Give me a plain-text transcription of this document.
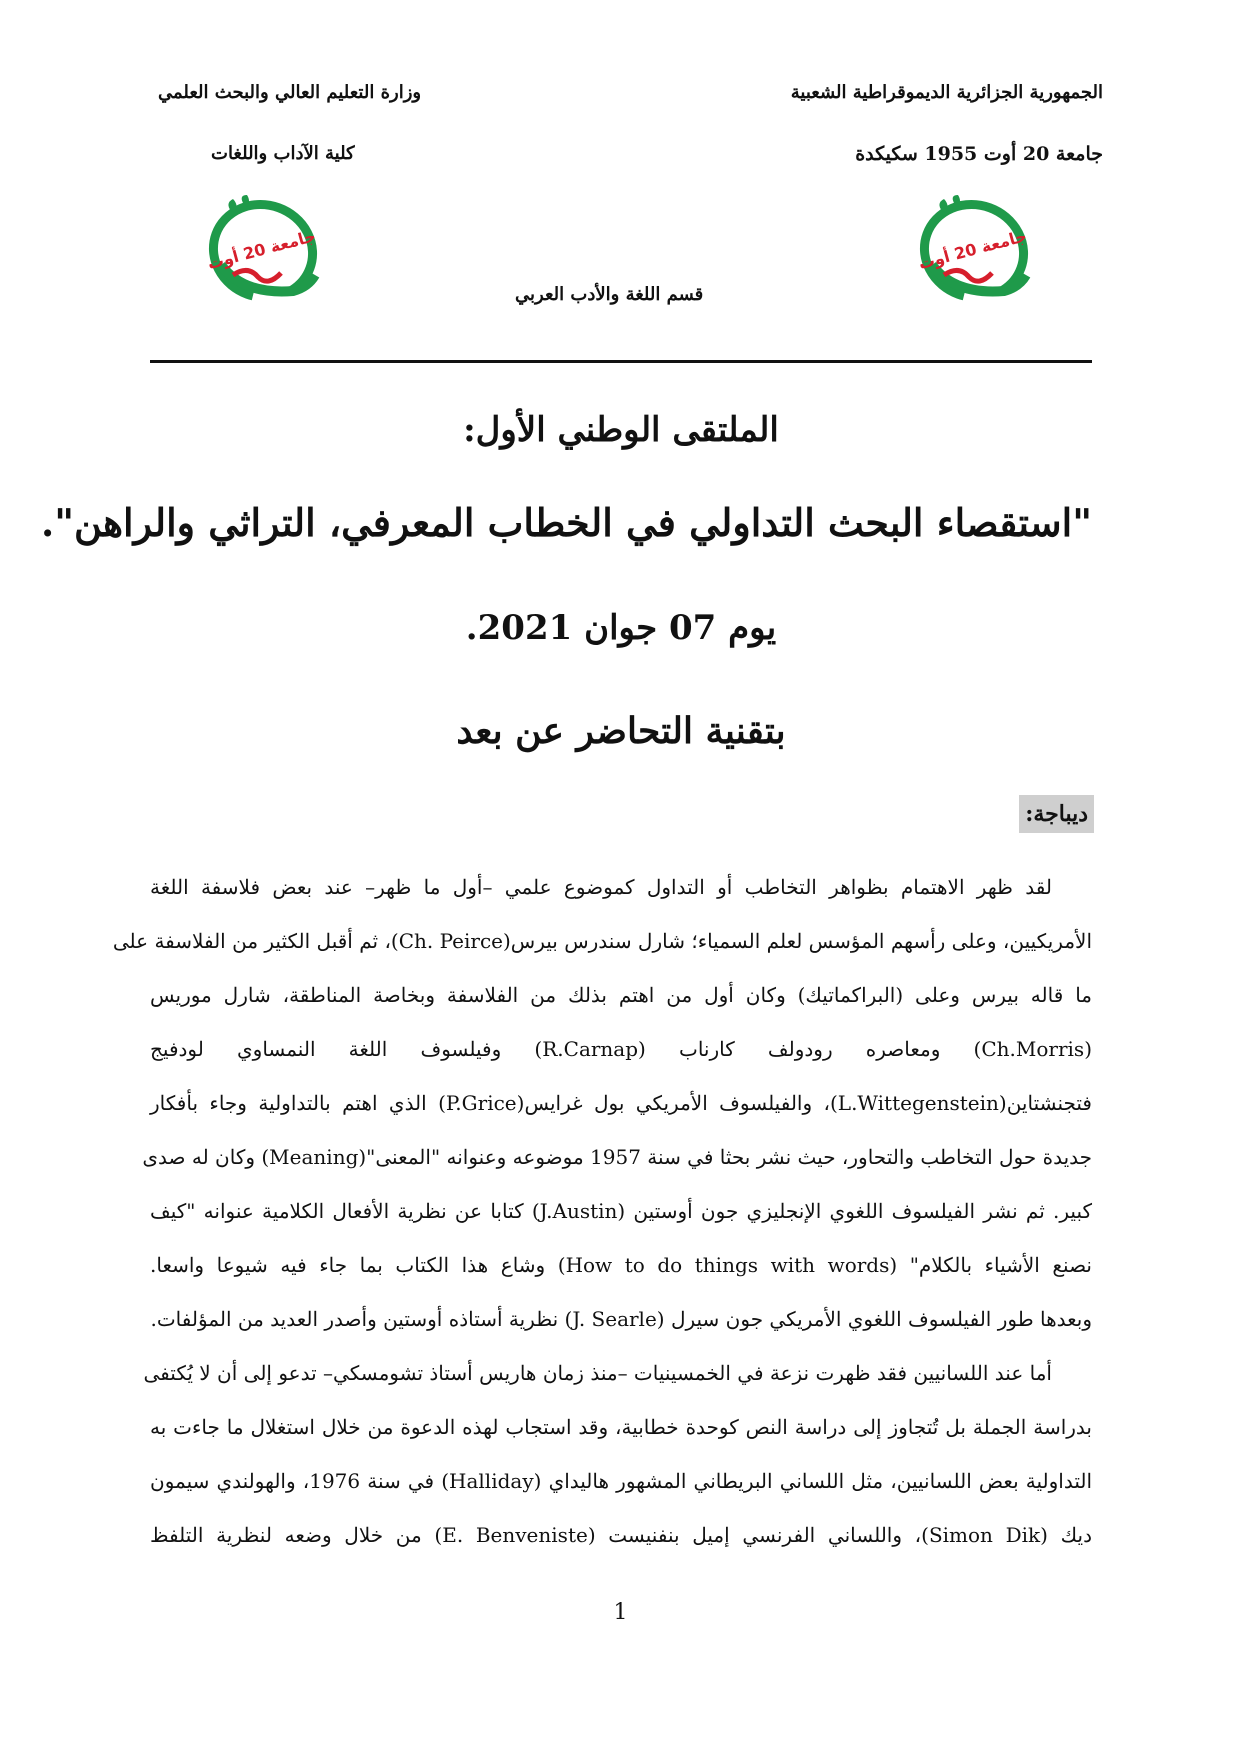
الجمهورية الجزائرية الديموقراطية الشعبية
وزارة التعليم العالي والبحث العلمي
جامعة 20 أوت 1955 سكيكدة
كلية الآداب واللغات
جامعة 20 أوت
جامعة 20 أوت
قسم اللغة والأدب العربي
الملتقى الوطني الأول:
"استقصاء البحث التداولي في الخطاب المعرفي، التراثي والراهن".
يوم 07 جوان 2021.
بتقنية التحاضر عن بعد
ديباجة:
لقد ظهر الاهتمام بظواهر التخاطب أو التداول كموضوع علمي –أول ما ظهر– عند بعض فلاسفة اللغة
الأمريكيين، وعلى رأسهم المؤسس لعلم السمياء؛ شارل سندرس بيرس(Ch. Peirce)، ثم أقبل الكثير من الفلاسفة على
ما قاله بيرس وعلى (البراكماتيك) وكان أول من اهتم بذلك من الفلاسفة وبخاصة المناطقة، شارل موريس
(Ch.Morris) ومعاصره رودولف كارناب (R.Carnap) وفيلسوف اللغة النمساوي لودفيج
فتجنشتاين(L.Wittegenstein)، والفيلسوف الأمريكي بول غرايس(P.Grice) الذي اهتم بالتداولية وجاء بأفكار
جديدة حول التخاطب والتحاور، حيث نشر بحثا في سنة 1957 موضوعه وعنوانه "المعنى"(Meaning) وكان له صدى
كبير. ثم نشر الفيلسوف اللغوي الإنجليزي جون أوستين (J.Austin) كتابا عن نظرية الأفعال الكلامية عنوانه "كيف
نصنع الأشياء بالكلام" (How to do things with words) وشاع هذا الكتاب بما جاء فيه شيوعا واسعا.
وبعدها طور الفيلسوف اللغوي الأمريكي جون سيرل (J. Searle) نظرية أستاذه أوستين وأصدر العديد من المؤلفات.
أما عند اللسانيين فقد ظهرت نزعة في الخمسينيات –منذ زمان هاريس أستاذ تشومسكي– تدعو إلى أن لا يُكتفى
بدراسة الجملة بل تُتجاوز إلى دراسة النص كوحدة خطابية، وقد استجاب لهذه الدعوة من خلال استغلال ما جاءت به
التداولية بعض اللسانيين، مثل اللساني البريطاني المشهور هاليداي (Halliday) في سنة 1976، والهولندي سيمون
ديك (Simon Dik)، واللساني الفرنسي إميل بنفنيست (E. Benveniste) من خلال وضعه لنظرية التلفظ
1
